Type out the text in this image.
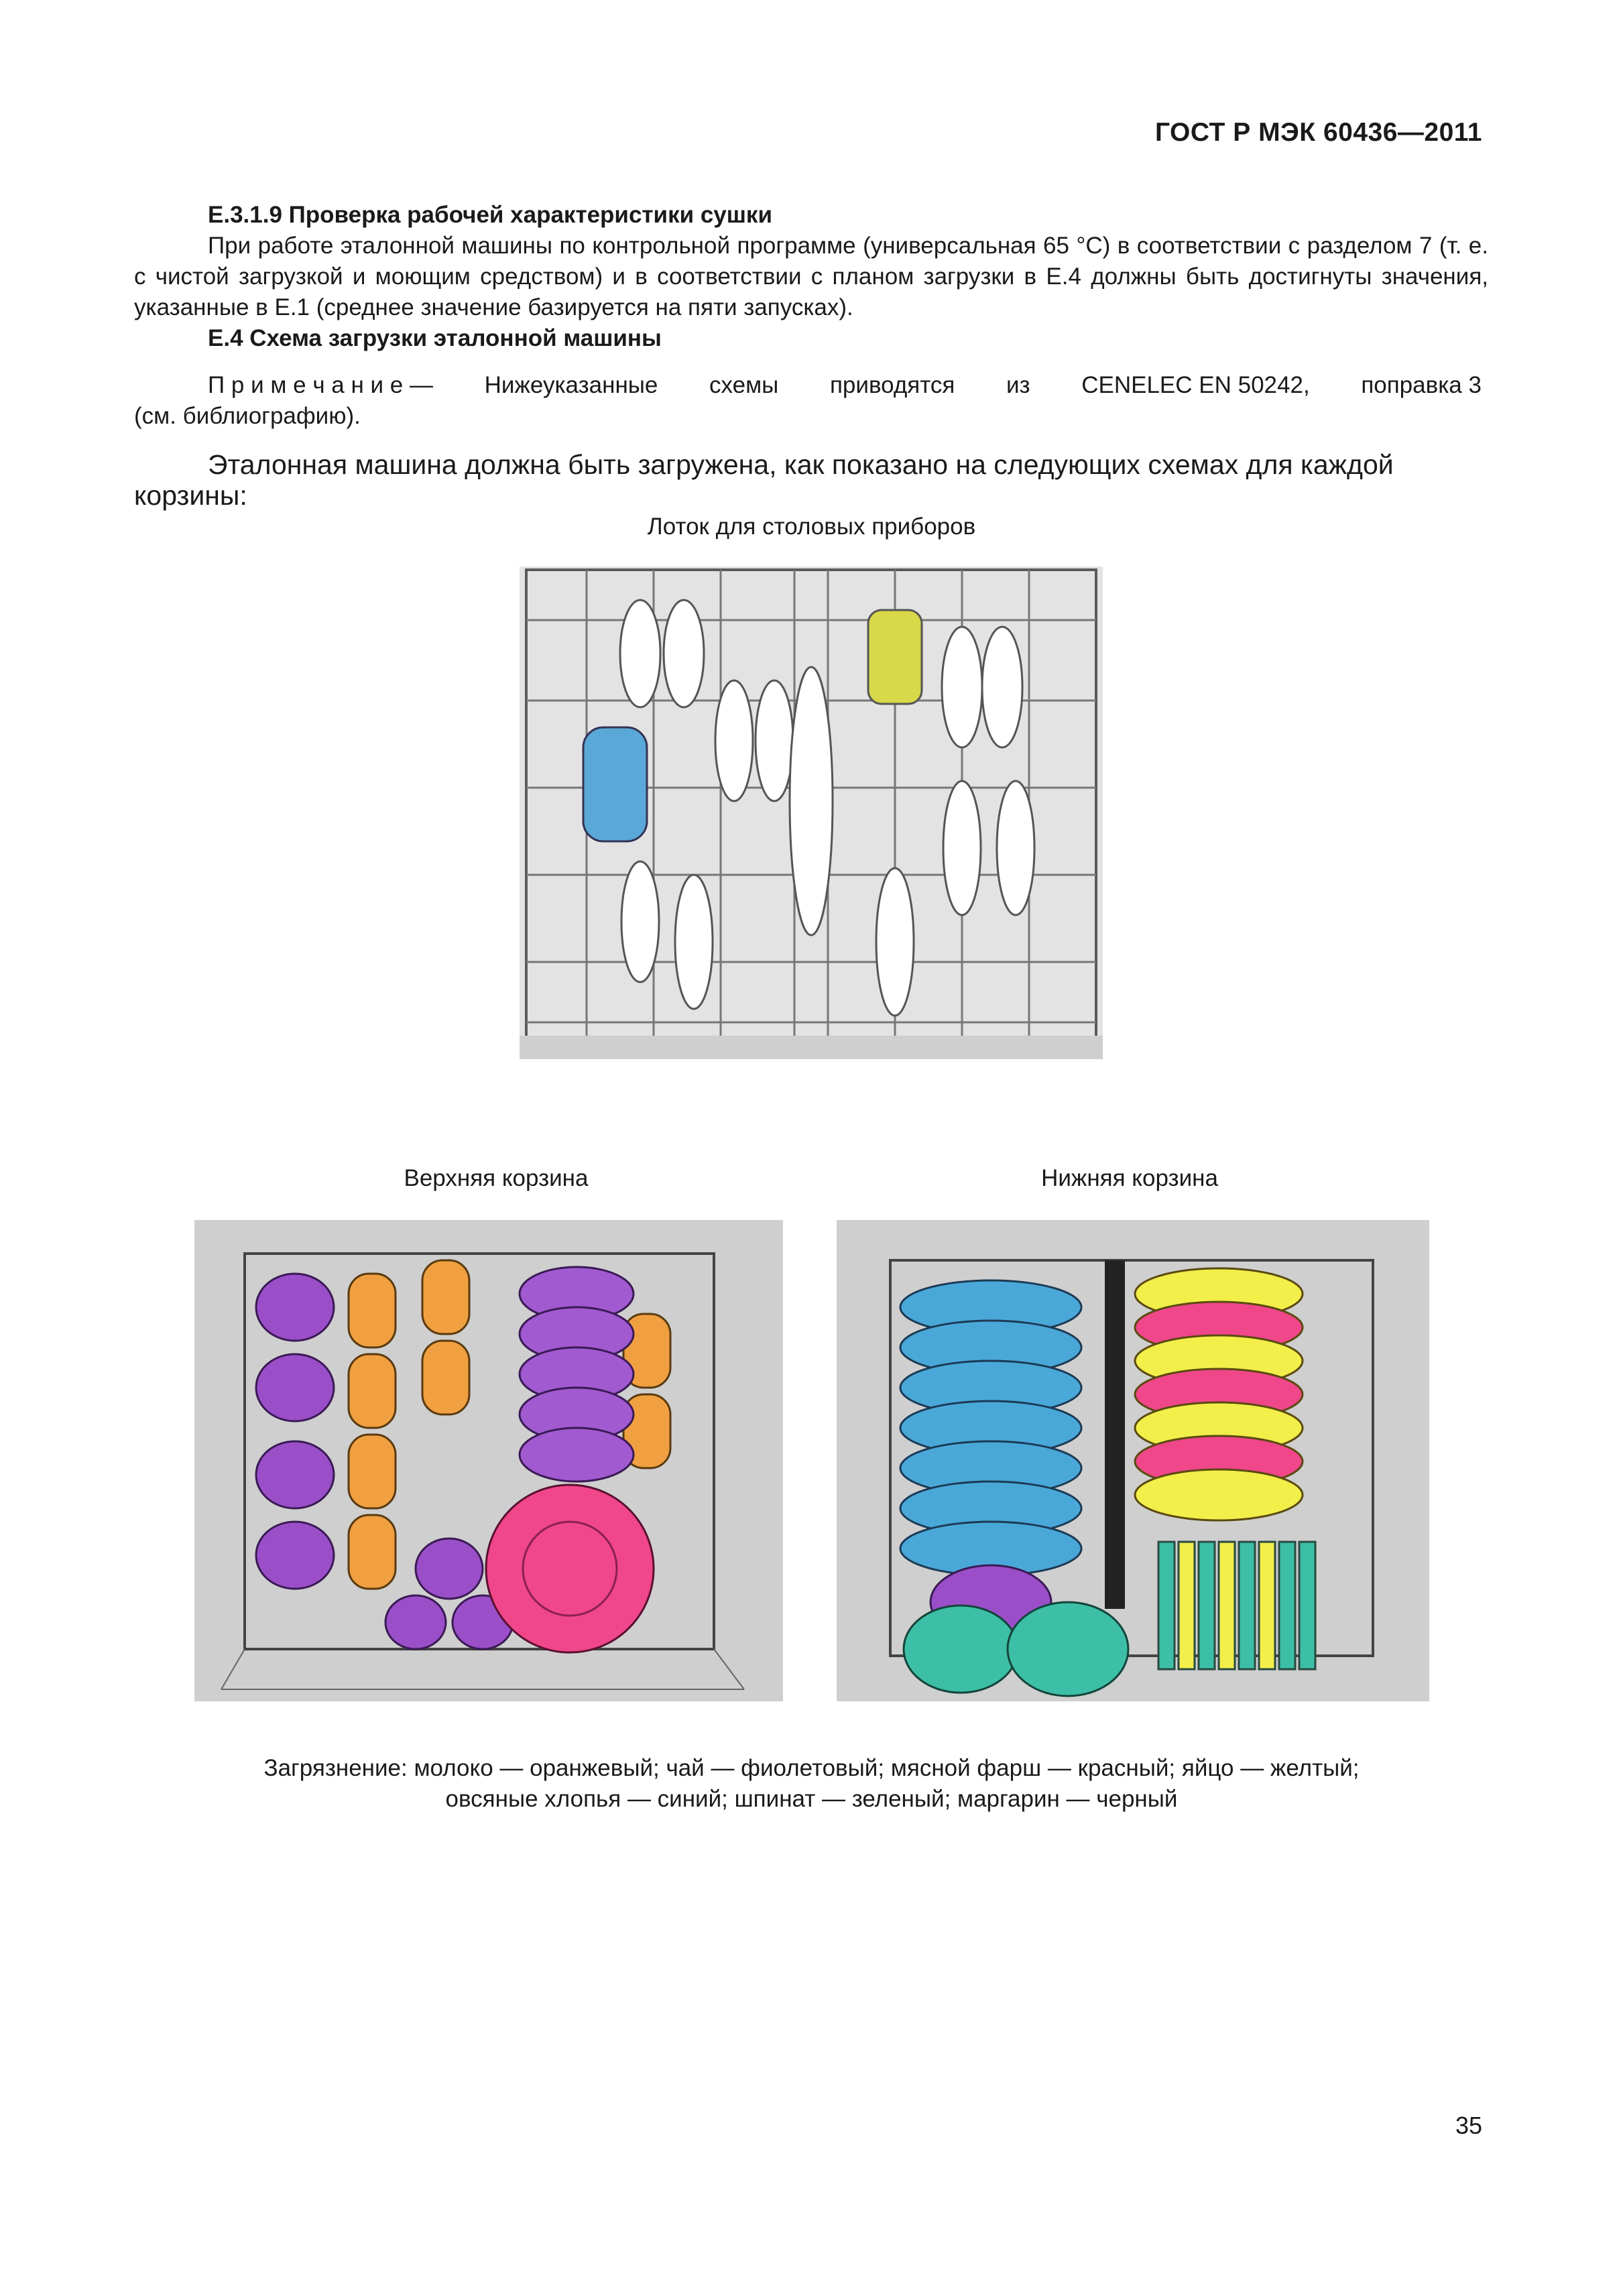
ГОСТ Р МЭК 60436—2011
E.3.1.9 Проверка рабочей характеристики сушки
При работе эталонной машины по контрольной программе (универсальная 65 °С) в соответствии с разделом 7 (т. е. с чистой загрузкой и моющим средством) и в соответствии с планом загрузки в E.4 должны быть достигнуты значения, указанные в E.1 (среднее значение базируется на пяти запусках).
E.4 Схема загрузки эталонной машины
П р и м е ч а н и е — Нижеуказанные схемы приводятся из CENELEC EN 50242, поправка 3
(см. библиографию).
Эталонная машина должна быть загружена, как показано на следующих схемах для каждой корзины:
Лоток для столовых приборов
Верхняя корзина	Нижняя корзина
Загрязнение: молоко — оранжевый; чай — фиолетовый; мясной фарш — красный; яйцо — желтый;
овсяные хлопья — синий; шпинат — зеленый; маргарин — черный
35
